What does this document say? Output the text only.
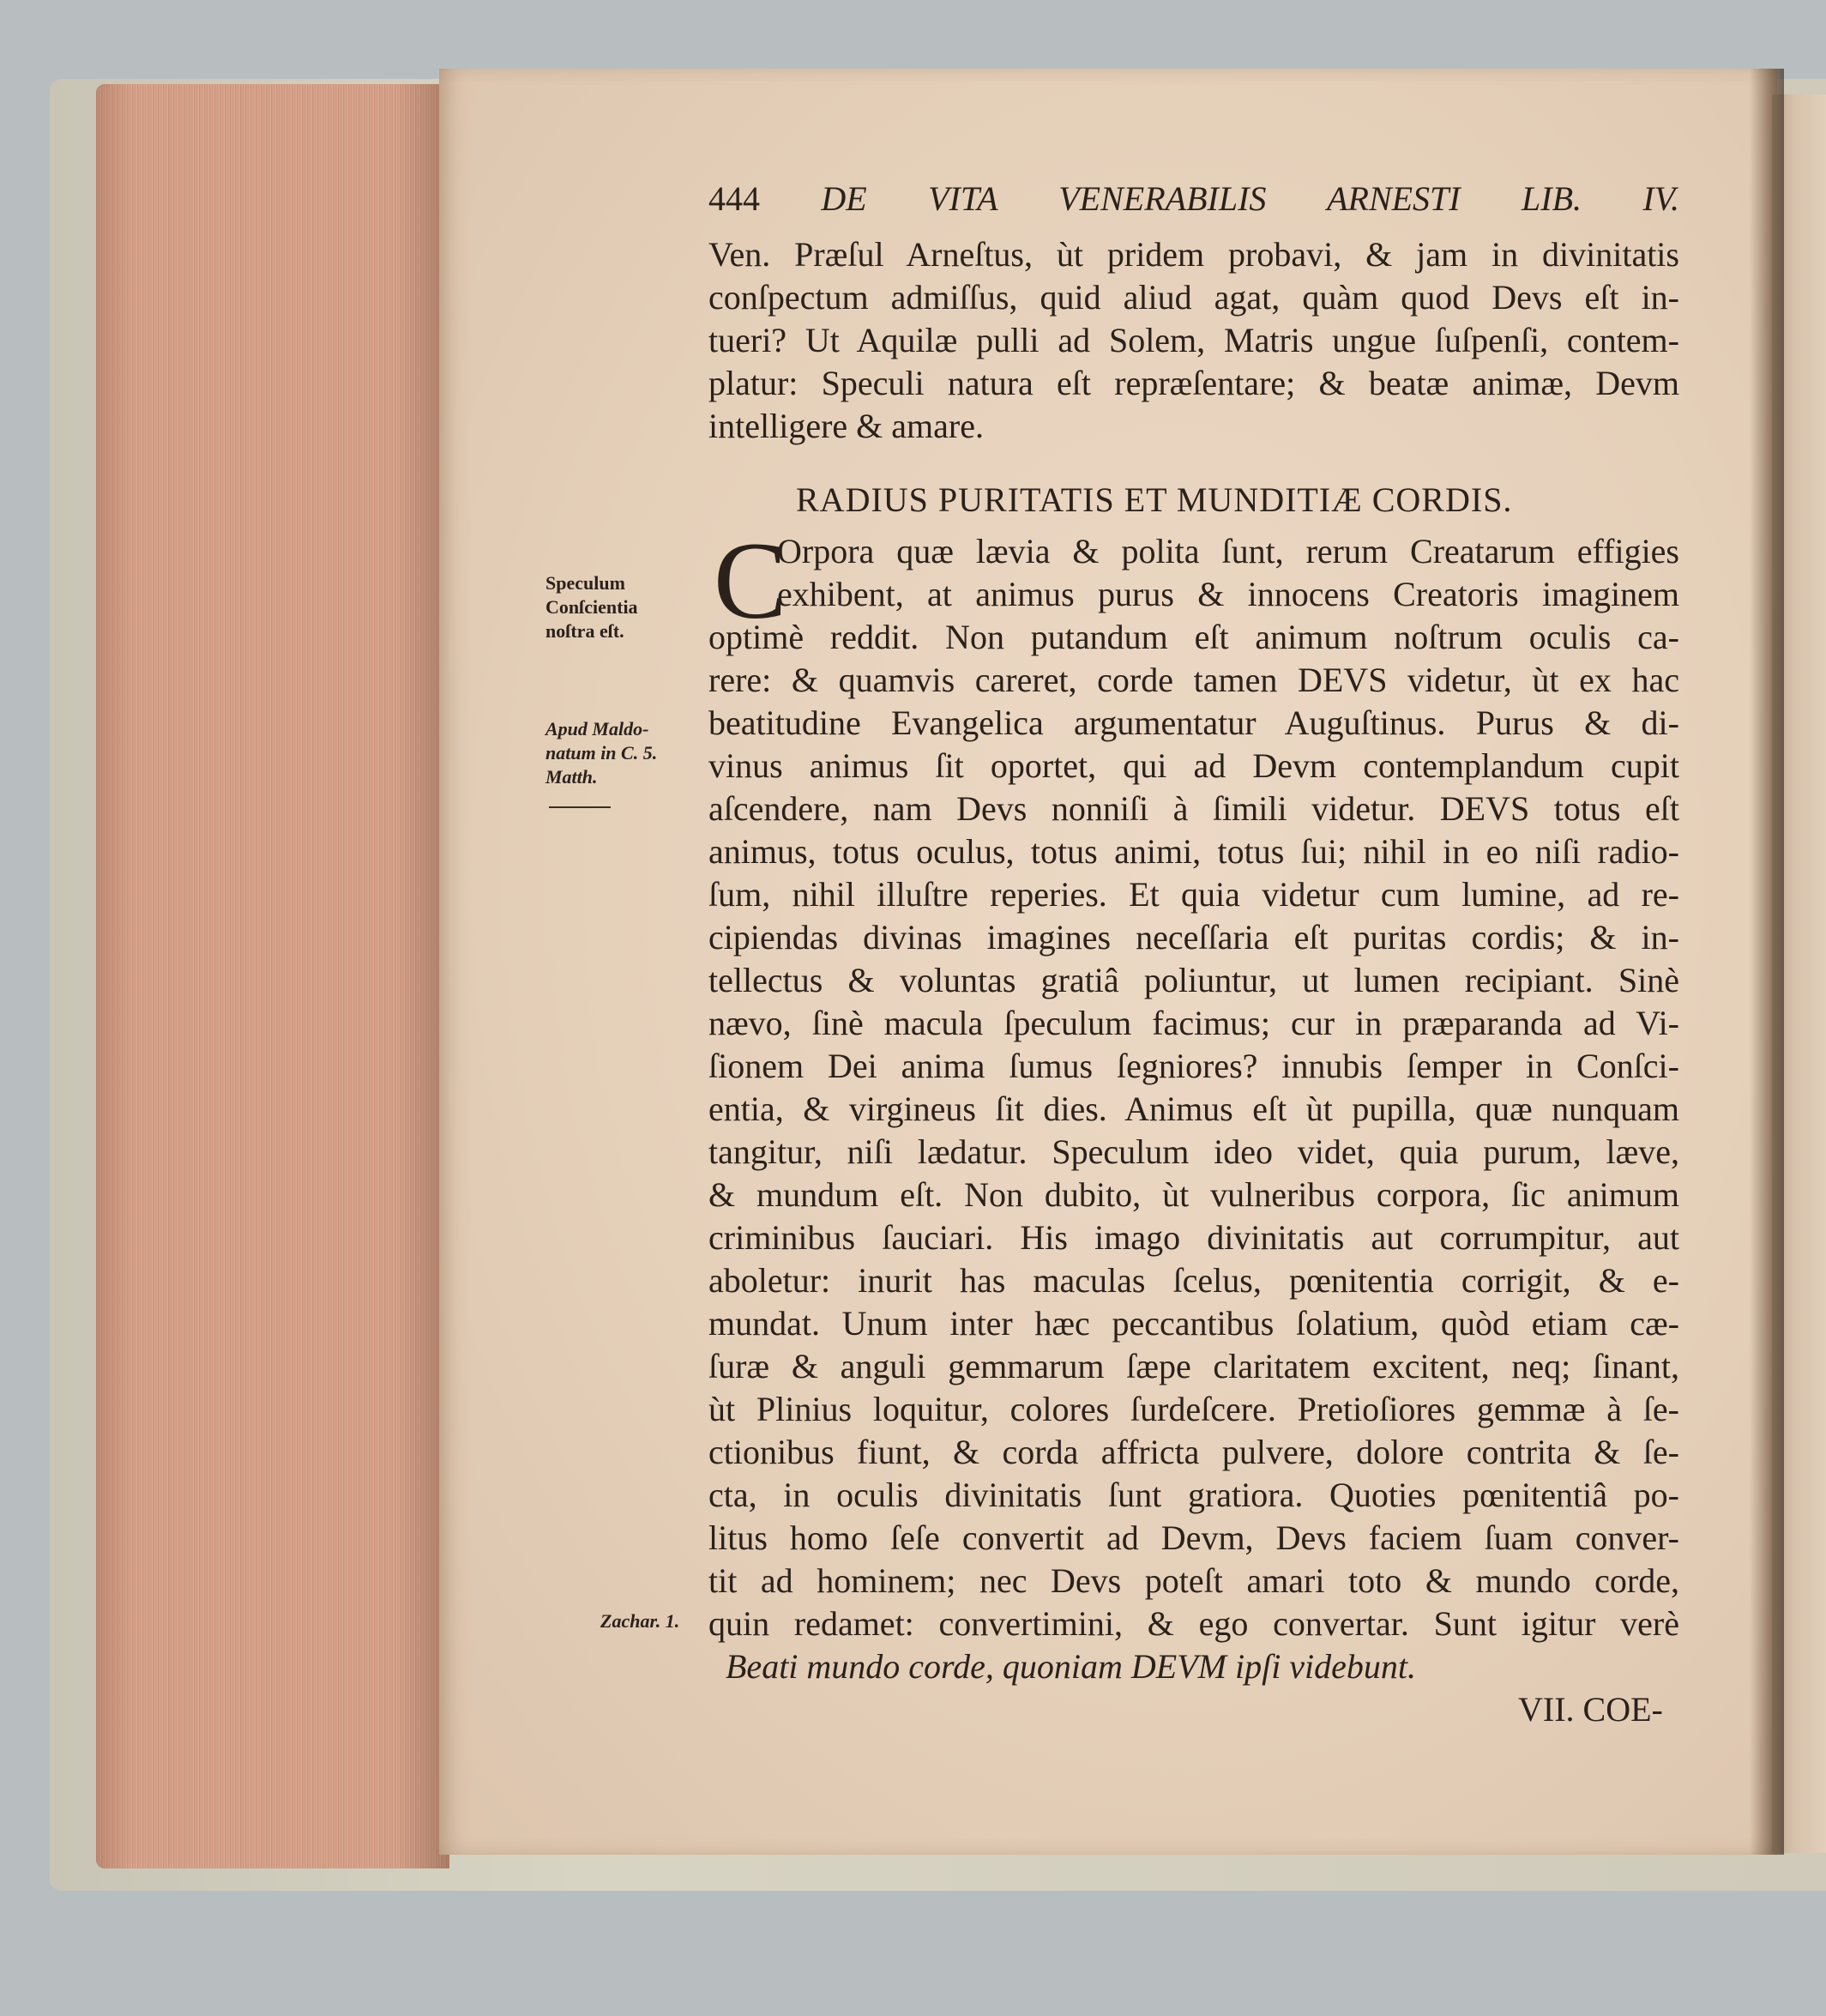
444 DE VITA VENERABILIS ARNESTI LIB. IV.

Ven. Præſul Arneſtus, ùt pridem probavi, & jam in divinitatis

conſpectum admiſſus, quid aliud agat, quàm quod Devs eſt in-

tueri? Ut Aquilæ pulli ad Solem, Matris ungue ſuſpenſi, contem-

platur: Speculi natura eſt repræſentare; & beatæ animæ, Devm

intelligere & amare.

RADIUS PURITATIS ET MUNDITIÆ CORDIS.

C

Orpora quæ lævia & polita ſunt, rerum Creatarum effigies

exhibent, at animus purus & innocens Creatoris imaginem

optimè reddit. Non putandum eſt animum noſtrum oculis ca-

rere: & quamvis careret, corde tamen DEVS videtur, ùt ex hac

beatitudine Evangelica argumentatur Auguſtinus. Purus & di-

vinus animus ſit oportet, qui ad Devm contemplandum cupit

aſcendere, nam Devs nonniſi à ſimili videtur. DEVS totus eſt

animus, totus oculus, totus animi, totus ſui; nihil in eo niſi radio-

ſum, nihil illuſtre reperies. Et quia videtur cum lumine, ad re-

cipiendas divinas imagines neceſſaria eſt puritas cordis; & in-

tellectus & voluntas gratiâ poliuntur, ut lumen recipiant. Sinè

nævo, ſinè macula ſpeculum facimus; cur in præparanda ad Vi-

ſionem Dei anima ſumus ſegniores? innubis ſemper in Conſci-

entia, & virgineus ſit dies. Animus eſt ùt pupilla, quæ nunquam

tangitur, niſi lædatur. Speculum ideo videt, quia purum, læve,

& mundum eſt. Non dubito, ùt vulneribus corpora, ſic animum

criminibus ſauciari. His imago divinitatis aut corrumpitur, aut

aboletur: inurit has maculas ſcelus, pœnitentia corrigit, & e-

mundat. Unum inter hæc peccantibus ſolatium, quòd etiam cæ-

ſuræ & anguli gemmarum ſæpe claritatem excitent, neq; ſinant,

ùt Plinius loquitur, colores ſurdeſcere. Pretioſiores gemmæ à ſe-

ctionibus fiunt, & corda affricta pulvere, dolore contrita & ſe-

cta, in oculis divinitatis ſunt gratiora. Quoties pœnitentiâ po-

litus homo ſeſe convertit ad Devm, Devs faciem ſuam conver-

tit ad hominem; nec Devs poteſt amari toto & mundo corde,

quin redamet: convertimini, & ego convertar. Sunt igitur verè

Beati mundo corde, quoniam DEVM ipſi videbunt.

VII. COE-

Speculum

Conſcientia

noſtra eſt.

Apud Maldo-

natum in C. 5.

Matth.

Zachar. 1.
